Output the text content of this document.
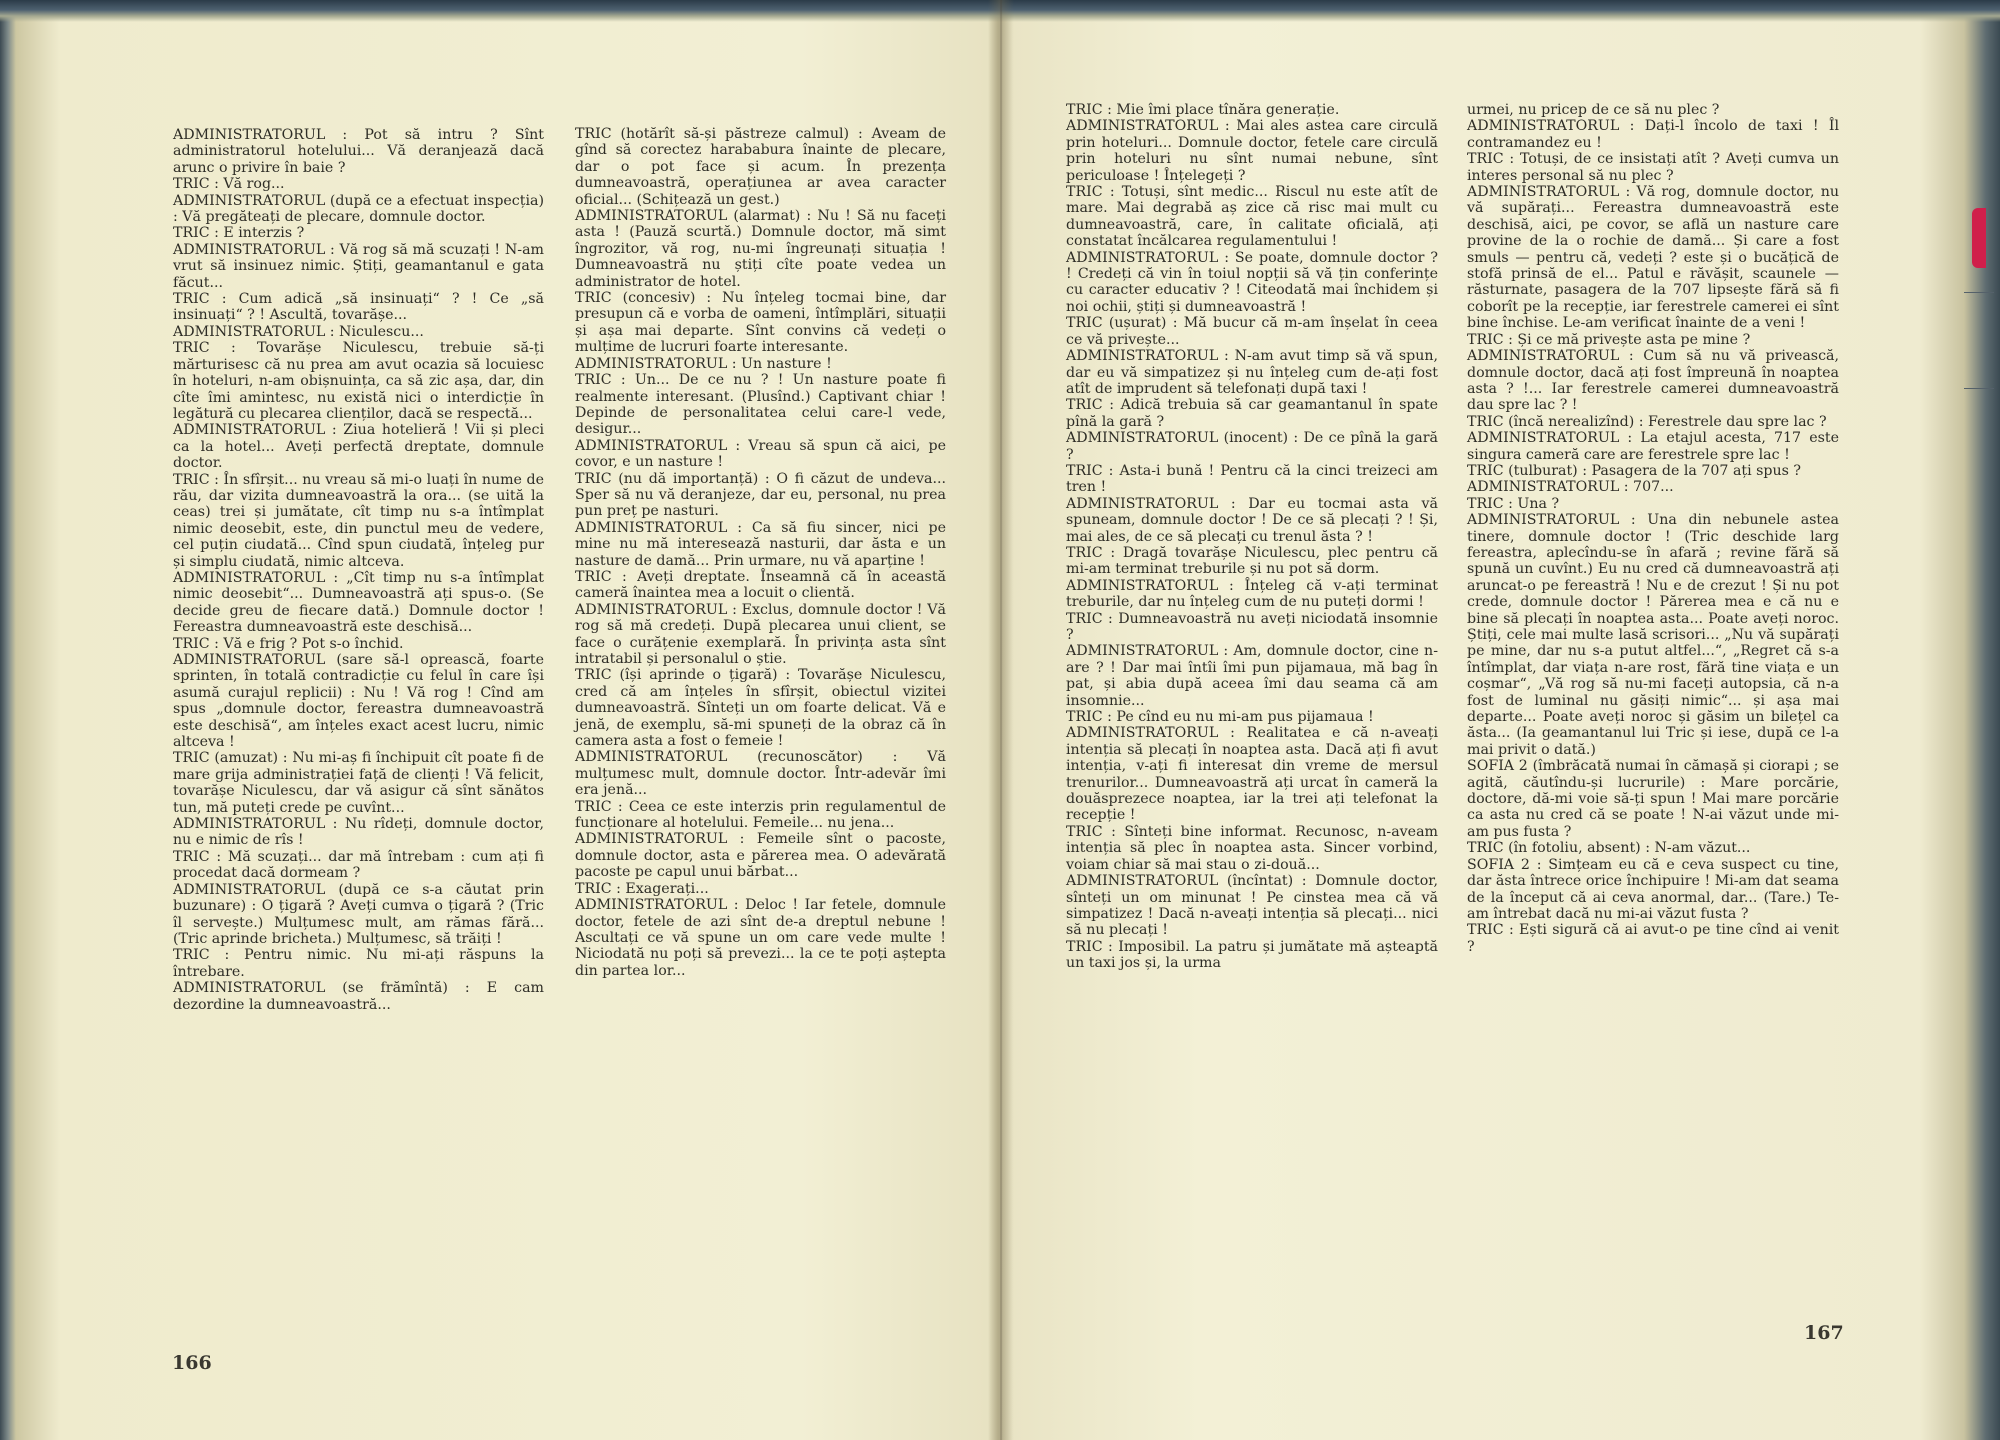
ADMINISTRATORUL : Pot să intru ? Sînt administratorul hotelului... Vă deranjează dacă arunc o privire în baie ?

TRIC : Vă rog...

ADMINISTRATORUL (după ce a efectuat inspecția) : Vă pregăteați de plecare, domnule doctor.

TRIC : E interzis ?

ADMINISTRATORUL : Vă rog să mă scuzați ! N-am vrut să insinuez nimic. Știți, geamantanul e gata făcut...

TRIC : Cum adică „să insinuați“ ? ! Ce „să insinuați“ ? ! Ascultă, tovarășe...

ADMINISTRATORUL : Niculescu...

TRIC : Tovarășe Niculescu, trebuie să-ți mărturisesc că nu prea am avut ocazia să locuiesc în hoteluri, n-am obișnuința, ca să zic așa, dar, din cîte îmi amintesc, nu există nici o interdicție în legătură cu plecarea clienților, dacă se respectă...

ADMINISTRATORUL : Ziua hotelieră ! Vii și pleci ca la hotel... Aveți perfectă dreptate, domnule doctor.

TRIC : În sfîrșit... nu vreau să mi-o luați în nume de rău, dar vizita dumneavoastră la ora... (se uită la ceas) trei și jumătate, cît timp nu s-a întîmplat nimic deosebit, este, din punctul meu de vedere, cel puțin ciudată... Cînd spun ciudată, înțeleg pur și simplu ciudată, nimic altceva.

ADMINISTRATORUL : „Cît timp nu s-a întîmplat nimic deosebit“... Dumneavoastră ați spus-o. (Se decide greu de fiecare dată.) Domnule doctor ! Fereastra dumneavoastră este deschisă...

TRIC : Vă e frig ? Pot s-o închid.

ADMINISTRATORUL (sare să-l oprească, foarte sprinten, în totală contradicție cu felul în care își asumă curajul replicii) : Nu ! Vă rog ! Cînd am spus „domnule doctor, fereastra dumneavoastră este deschisă“, am înțeles exact acest lucru, nimic altceva !

TRIC (amuzat) : Nu mi-aș fi închipuit cît poate fi de mare grija administrației față de clienți ! Vă felicit, tovarășe Niculescu, dar vă asigur că sînt sănătos tun, mă puteți crede pe cuvînt...

ADMINISTRATORUL : Nu rîdeți, domnule doctor, nu e nimic de rîs !

TRIC : Mă scuzați... dar mă întrebam : cum ați fi procedat dacă dormeam ?

ADMINISTRATORUL (după ce s-a căutat prin buzunare) : O țigară ? Aveți cumva o țigară ? (Tric îl servește.) Mulțumesc mult, am rămas fără... (Tric aprinde bricheta.) Mulțumesc, să trăiți !

TRIC : Pentru nimic. Nu mi-ați răspuns la întrebare.

ADMINISTRATORUL (se frămîntă) : E cam dezordine la dumneavoastră...

TRIC (hotărît să-și păstreze calmul) : Aveam de gînd să corectez harababura înainte de plecare, dar o pot face și acum. În prezența dumneavoastră, operațiunea ar avea caracter oficial... (Schițează un gest.)

ADMINISTRATORUL (alarmat) : Nu ! Să nu faceți asta ! (Pauză scurtă.) Domnule doctor, mă simt îngrozitor, vă rog, nu-mi îngreunați situația ! Dumneavoastră nu știți cîte poate vedea un administrator de hotel.

TRIC (concesiv) : Nu înțeleg tocmai bine, dar presupun că e vorba de oameni, întîmplări, situații și așa mai departe. Sînt convins că vedeți o mulțime de lucruri foarte interesante.

ADMINISTRATORUL : Un nasture !

TRIC : Un... De ce nu ? ! Un nasture poate fi realmente interesant. (Plusînd.) Captivant chiar ! Depinde de personalitatea celui care-l vede, desigur...

ADMINISTRATORUL : Vreau să spun că aici, pe covor, e un nasture !

TRIC (nu dă importanță) : O fi căzut de undeva... Sper să nu vă deranjeze, dar eu, personal, nu prea pun preț pe nasturi.

ADMINISTRATORUL : Ca să fiu sincer, nici pe mine nu mă interesează nasturii, dar ăsta e un nasture de damă... Prin urmare, nu vă aparține !

TRIC : Aveți dreptate. Înseamnă că în această cameră înaintea mea a locuit o clientă.

ADMINISTRATORUL : Exclus, domnule doctor ! Vă rog să mă credeți. După plecarea unui client, se face o curățenie exemplară. În privința asta sînt intratabil și personalul o știe.

TRIC (își aprinde o țigară) : Tovarășe Niculescu, cred că am înțeles în sfîrșit, obiectul vizitei dumneavoastră. Sînteți un om foarte delicat. Vă e jenă, de exemplu, să-mi spuneți de la obraz că în camera asta a fost o femeie !

ADMINISTRATORUL (recunoscător) : Vă mulțumesc mult, domnule doctor. Într-adevăr îmi era jenă...

TRIC : Ceea ce este interzis prin regulamentul de funcționare al hotelului. Femeile... nu jena...

ADMINISTRATORUL : Femeile sînt o pacoste, domnule doctor, asta e părerea mea. O adevărată pacoste pe capul unui bărbat...

TRIC : Exagerați...

ADMINISTRATORUL : Deloc ! Iar fetele, domnule doctor, fetele de azi sînt de-a dreptul nebune ! Ascultați ce vă spune un om care vede multe ! Niciodată nu poți să prevezi... la ce te poți aștepta din partea lor...

166

TRIC : Mie îmi place tînăra generație.

ADMINISTRATORUL : Mai ales astea care circulă prin hoteluri... Domnule doctor, fetele care circulă prin hoteluri nu sînt numai nebune, sînt periculoase ! Înțelegeți ?

TRIC : Totuși, sînt medic... Riscul nu este atît de mare. Mai degrabă aș zice că risc mai mult cu dumneavoastră, care, în calitate oficială, ați constatat încălcarea regulamentului !

ADMINISTRATORUL : Se poate, domnule doctor ? ! Credeți că vin în toiul nopții să vă țin conferințe cu caracter educativ ? ! Citeodată mai închidem și noi ochii, știți și dumneavoastră !

TRIC (ușurat) : Mă bucur că m-am înșelat în ceea ce vă privește...

ADMINISTRATORUL : N-am avut timp să vă spun, dar eu vă simpatizez și nu înțeleg cum de-ați fost atît de imprudent să telefonați după taxi !

TRIC : Adică trebuia să car geamantanul în spate pînă la gară ?

ADMINISTRATORUL (inocent) : De ce pînă la gară ?

TRIC : Asta-i bună ! Pentru că la cinci treizeci am tren !

ADMINISTRATORUL : Dar eu tocmai asta vă spuneam, domnule doctor ! De ce să plecați ? ! Și, mai ales, de ce să plecați cu trenul ăsta ? !

TRIC : Dragă tovarășe Niculescu, plec pentru că mi-am terminat treburile și nu pot să dorm.

ADMINISTRATORUL : Înțeleg că v-ați terminat treburile, dar nu înțeleg cum de nu puteți dormi !

TRIC : Dumneavoastră nu aveți niciodată insomnie ?

ADMINISTRATORUL : Am, domnule doctor, cine n-are ? ! Dar mai întîi îmi pun pijamaua, mă bag în pat, și abia după aceea îmi dau seama că am insomnie...

TRIC : Pe cînd eu nu mi-am pus pijamaua !

ADMINISTRATORUL : Realitatea e că n-aveați intenția să plecați în noaptea asta. Dacă ați fi avut intenția, v-ați fi interesat din vreme de mersul trenurilor... Dumneavoastră ați urcat în cameră la douăsprezece noaptea, iar la trei ați telefonat la recepție !

TRIC : Sînteți bine informat. Recunosc, n-aveam intenția să plec în noaptea asta. Sincer vorbind, voiam chiar să mai stau o zi-două...

ADMINISTRATORUL (încîntat) : Domnule doctor, sînteți un om minunat ! Pe cinstea mea că vă simpatizez ! Dacă n-aveați intenția să plecați... nici să nu plecați !

TRIC : Imposibil. La patru și jumătate mă așteaptă un taxi jos și, la urma

urmei, nu pricep de ce să nu plec ?

ADMINISTRATORUL : Dați-l încolo de taxi ! Îl contramandez eu !

TRIC : Totuși, de ce insistați atît ? Aveți cumva un interes personal să nu plec ?

ADMINISTRATORUL : Vă rog, domnule doctor, nu vă supărați... Fereastra dumneavoastră este deschisă, aici, pe covor, se află un nasture care provine de la o rochie de damă... Și care a fost smuls — pentru că, vedeți ? este și o bucățică de stofă prinsă de el... Patul e răvășit, scaunele — răsturnate, pasagera de la 707 lipsește fără să fi coborît pe la recepție, iar ferestrele camerei ei sînt bine închise. Le-am verificat înainte de a veni !

TRIC : Și ce mă privește asta pe mine ?

ADMINISTRATORUL : Cum să nu vă privească, domnule doctor, dacă ați fost împreună în noaptea asta ? !... Iar ferestrele camerei dumneavoastră dau spre lac ? !

TRIC (încă nerealizînd) : Ferestrele dau spre lac ?

ADMINISTRATORUL : La etajul acesta, 717 este singura cameră care are ferestrele spre lac !

TRIC (tulburat) : Pasagera de la 707 ați spus ?

ADMINISTRATORUL : 707...

TRIC : Una ?

ADMINISTRATORUL : Una din nebunele astea tinere, domnule doctor ! (Tric deschide larg fereastra, aplecîndu-se în afară ; revine fără să spună un cuvînt.) Eu nu cred că dumneavoastră ați aruncat-o pe fereastră ! Nu e de crezut ! Și nu pot crede, domnule doctor ! Părerea mea e că nu e bine să plecați în noaptea asta... Poate aveți noroc. Știți, cele mai multe lasă scrisori... „Nu vă supărați pe mine, dar nu s-a putut altfel...“, „Regret că s-a întîmplat, dar viața n-are rost, fără tine viața e un coșmar“, „Vă rog să nu-mi faceți autopsia, că n-a fost de luminal nu găsiți nimic“... și așa mai departe... Poate aveți noroc și găsim un bilețel ca ăsta... (Ia geamantanul lui Tric și iese, după ce l-a mai privit o dată.)

SOFIA 2 (îmbrăcată numai în cămașă și ciorapi ; se agită, căutîndu-și lucrurile) : Mare porcărie, doctore, dă-mi voie să-ți spun ! Mai mare porcărie ca asta nu cred că se poate ! N-ai văzut unde mi-am pus fusta ?

TRIC (în fotoliu, absent) : N-am văzut...

SOFIA 2 : Simțeam eu că e ceva suspect cu tine, dar ăsta întrece orice închipuire ! Mi-am dat seama de la început că ai ceva anormal, dar... (Tare.) Te-am întrebat dacă nu mi-ai văzut fusta ?

TRIC : Ești sigură că ai avut-o pe tine cînd ai venit ?

167
